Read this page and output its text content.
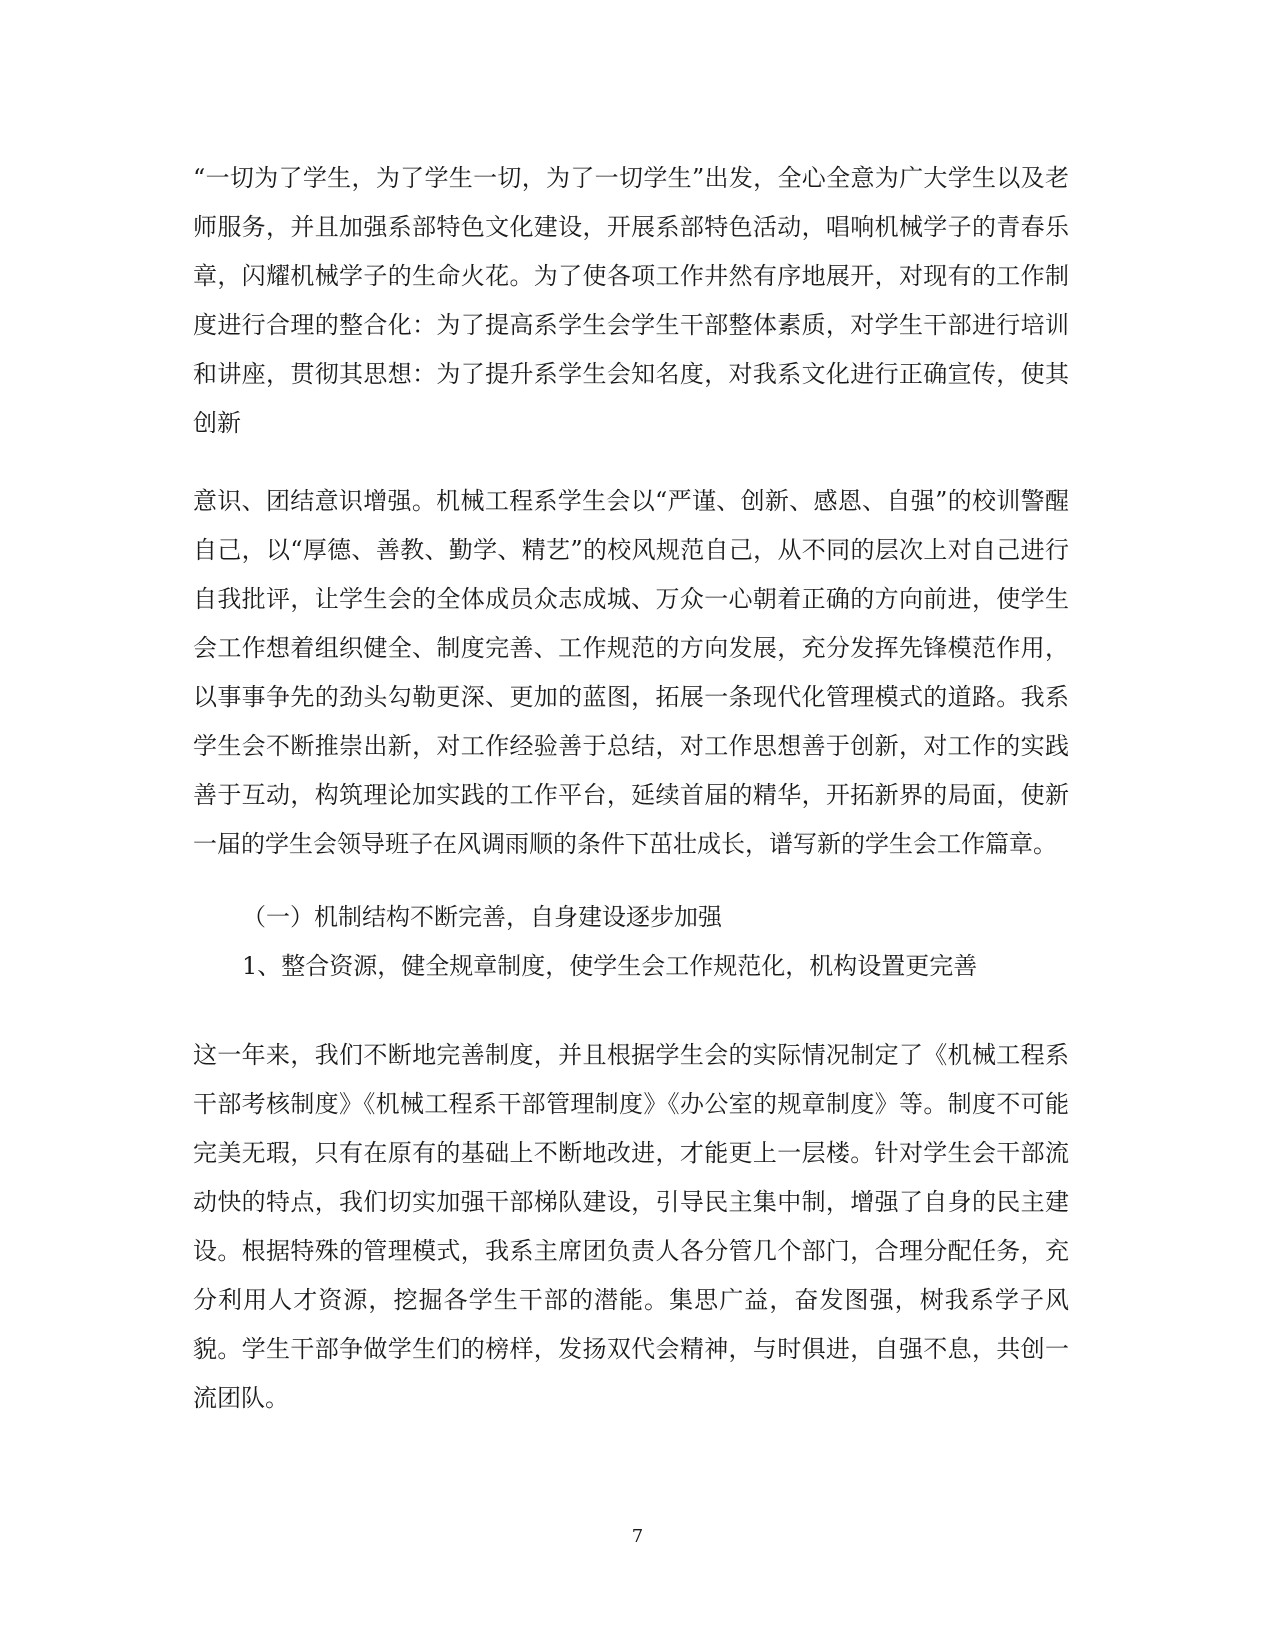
“一切为了学生，为了学生一切，为了一切学生”出发，全心全意为广大学生以及老师服务，并且加强系部特色文化建设，开展系部特色活动，唱响机械学子的青春乐章，闪耀机械学子的生命火花。为了使各项工作井然有序地展开，对现有的工作制度进行合理的整合化：为了提高系学生会学生干部整体素质，对学生干部进行培训和讲座，贯彻其思想：为了提升系学生会知名度，对我系文化进行正确宣传，使其创新

意识、团结意识增强。机械工程系学生会以“严谨、创新、感恩、自强”的校训警醒自己，以“厚德、善教、勤学、精艺”的校风规范自己，从不同的层次上对自己进行自我批评，让学生会的全体成员众志成城、万众一心朝着正确的方向前进，使学生会工作想着组织健全、制度完善、工作规范的方向发展，充分发挥先锋模范作用，以事事争先的劲头勾勒更深、更加的蓝图，拓展一条现代化管理模式的道路。我系学生会不断推崇出新，对工作经验善于总结，对工作思想善于创新，对工作的实践善于互动，构筑理论加实践的工作平台，延续首届的精华，开拓新界的局面，使新一届的学生会领导班子在风调雨顺的条件下茁壮成长，谱写新的学生会工作篇章。

（一）机制结构不断完善，自身建设逐步加强

1、整合资源，健全规章制度，使学生会工作规范化，机构设置更完善

这一年来，我们不断地完善制度，并且根据学生会的实际情况制定了《机械工程系干部考核制度》《机械工程系干部管理制度》《办公室的规章制度》等。制度不可能完美无瑕，只有在原有的基础上不断地改进，才能更上一层楼。针对学生会干部流动快的特点，我们切实加强干部梯队建设，引导民主集中制，增强了自身的民主建设。根据特殊的管理模式，我系主席团负责人各分管几个部门，合理分配任务，充分利用人才资源，挖掘各学生干部的潜能。集思广益，奋发图强，树我系学子风貌。学生干部争做学生们的榜样，发扬双代会精神，与时俱进，自强不息，共创一流团队。

7
